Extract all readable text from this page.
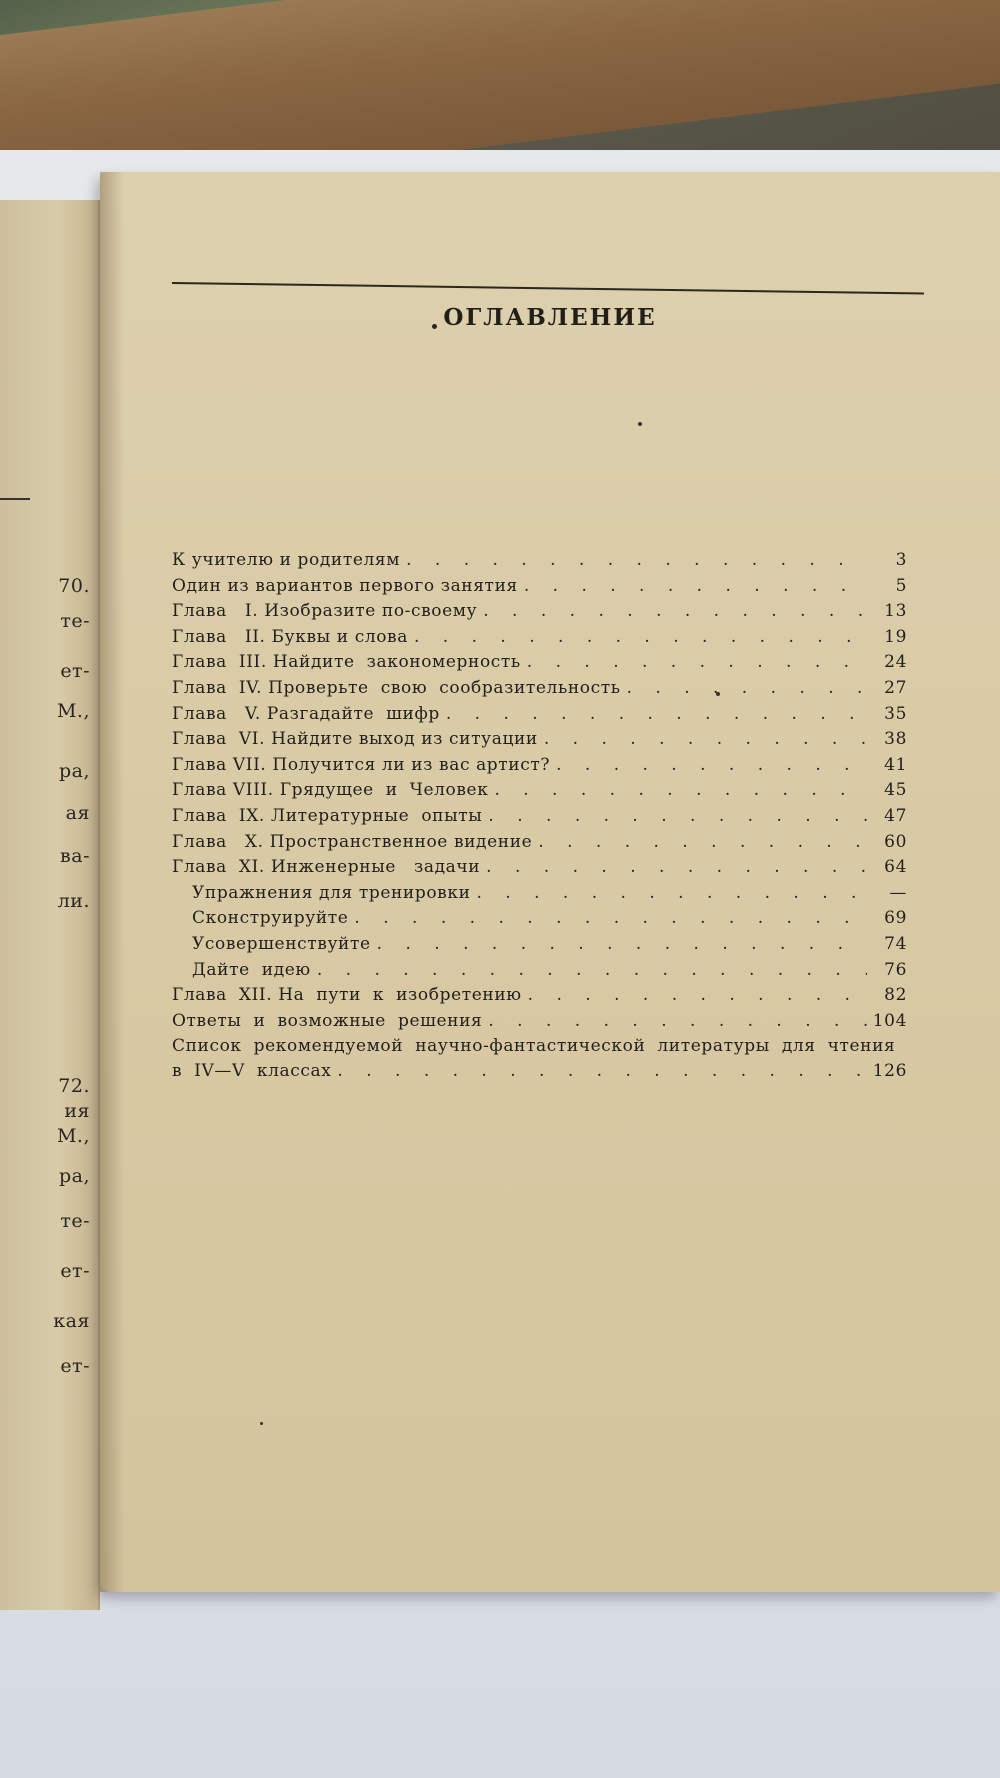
70.
те-
ет-
М.,
ра,
ая
ва-
ли.
72.
ия
М.,
ра,
те-
ет-
кая
ет-
ОГЛАВЛЕНИЕ
К учителю и родителям . . .	3
Один из вариантов первого занятия . . .	5
Глава   I. Изобразите по-своему . . .	13
Глава   II. Буквы и слова . . .	19
Глава  III. Найдите  закономерность . . .	24
Глава  IV. Проверьте  свою  сообразительность . . .	27
Глава   V. Разгадайте  шифр . . .	35
Глава  VI. Найдите выход из ситуации . . .	38
Глава VII. Получится ли из вас артист? . . .	41
Глава VIII. Грядущее  и  Человек . . .	45
Глава  IX. Литературные  опыты . . .	47
Глава   X. Пространственное видение . . .	60
Глава  XI. Инженерные   задачи . . .	64
Упражнения для тренировки . . .	—
Сконструируйте . . .	69
Усовершенствуйте . . .	74
Дайте  идею . . .	76
Глава  XII. На  пути  к  изобретению . . .	82
Ответы  и  возможные  решения . . .	104
Список  рекомендуемой  научно-фантастической  литературы  для  чтения
в  IV—V  классах . . .	126
